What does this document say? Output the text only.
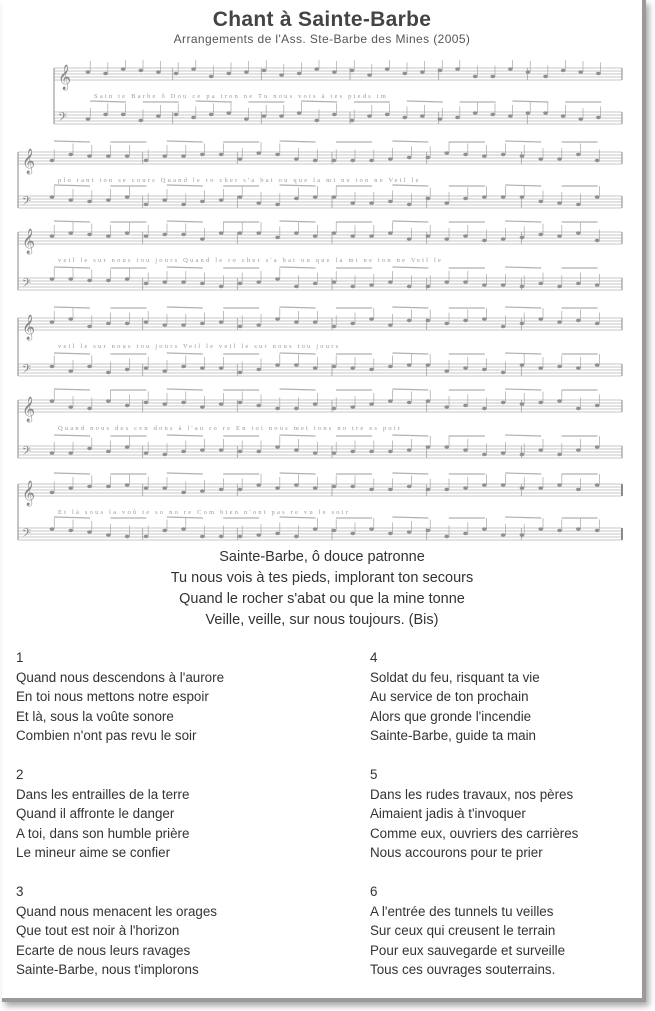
Chant à Sainte-Barbe
Arrangements de l'Ass. Ste-Barbe des Mines (2005)
𝄞
𝄢
Sain te Barbe ô Dou ce pa tron ne Tu nous vois à tes pieds im
𝄞
𝄢
plo rant ton se cours Quand le ro cher s'a bat ou que la mi ne ton ne Veil le
𝄞
𝄢
veil le sur nous tou jours Quand le ro cher s'a bat ou que la mi ne ton ne Veil le
𝄞
𝄢
veil le sur nous tou jours Veil le veil le sur nous tou jours
𝄞
𝄢
Quand nous des cen dons à l'au ro re En toi nous met tons no tre es poir
𝄞
𝄢
Et là sous la voû te so no re Com bien n'ont pas re vu le soir
Sainte-Barbe, ô douce patronne
Tu nous vois à tes pieds, implorant ton secours
Quand le rocher s'abat ou que la mine tonne
Veille, veille, sur nous toujours. (Bis)
1
Quand nous descendons à l'aurore
En toi nous mettons notre espoir
Et là, sous la voûte sonore
Combien n'ont pas revu le soir
2
Dans les entrailles de la terre
Quand il affronte le danger
A toi, dans son humble prière
Le mineur aime se confier
3
Quand nous menacent les orages
Que tout est noir à l'horizon
Ecarte de nous leurs ravages
Sainte-Barbe, nous t'implorons
4
Soldat du feu, risquant ta vie
Au service de ton prochain
Alors que gronde l'incendie
Sainte-Barbe, guide ta main
5
Dans les rudes travaux, nos pères
Aimaient jadis à t'invoquer
Comme eux, ouvriers des carrières
Nous accourons pour te prier
6
A l'entrée des tunnels tu veilles
Sur ceux qui creusent le terrain
Pour eux sauvegarde et surveille
Tous ces ouvrages souterrains.
